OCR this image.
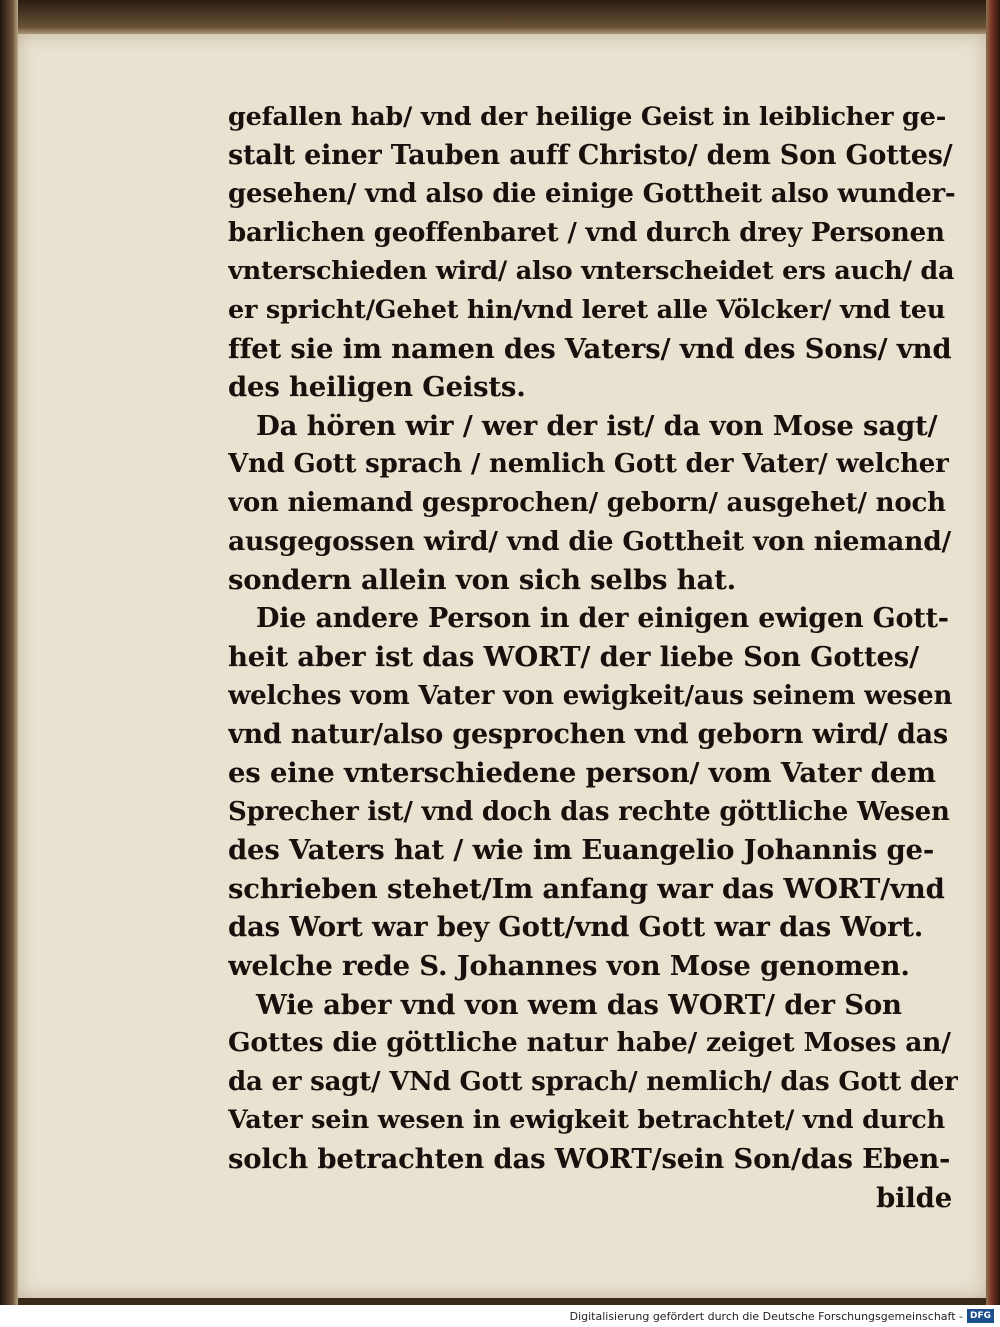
gefallen hab/ vnd der heilige Geist in leiblicher ge-
stalt einer Tauben auff Christo/ dem Son Gottes/
gesehen/ vnd also die einige Gottheit also wunder-
barlichen geoffenbaret / vnd durch drey Personen
vnterschieden wird/ also vnterscheidet ers auch/ da
er spricht/Gehet hin/vnd leret alle Völcker/ vnd teu
ffet sie im namen des Vaters/ vnd des Sons/ vnd
des heiligen Geists.
Da hören wir / wer der ist/ da von Mose sagt/
Vnd Gott sprach / nemlich Gott der Vater/ welcher
von niemand gesprochen/ geborn/ ausgehet/ noch
ausgegossen wird/ vnd die Gottheit von niemand/
sondern allein von sich selbs hat.
Die andere Person in der einigen ewigen Gott-
heit aber ist das WORT/ der liebe Son Gottes/
welches vom Vater von ewigkeit/aus seinem wesen
vnd natur/also gesprochen vnd geborn wird/ das
es eine vnterschiedene person/ vom Vater dem
Sprecher ist/ vnd doch das rechte göttliche Wesen
des Vaters hat / wie im Euangelio Johannis ge-
schrieben stehet/Im anfang war das WORT/vnd
das Wort war bey Gott/vnd Gott war das Wort.
welche rede S. Johannes von Mose genomen.
Wie aber vnd von wem das WORT/ der Son
Gottes die göttliche natur habe/ zeiget Moses an/
da er sagt/ VNd Gott sprach/ nemlich/ das Gott der
Vater sein wesen in ewigkeit betrachtet/ vnd durch
solch betrachten das WORT/sein Son/das Eben-
bilde
Digitalisierung gefördert durch die Deutsche Forschungsgemeinschaft - DFG
